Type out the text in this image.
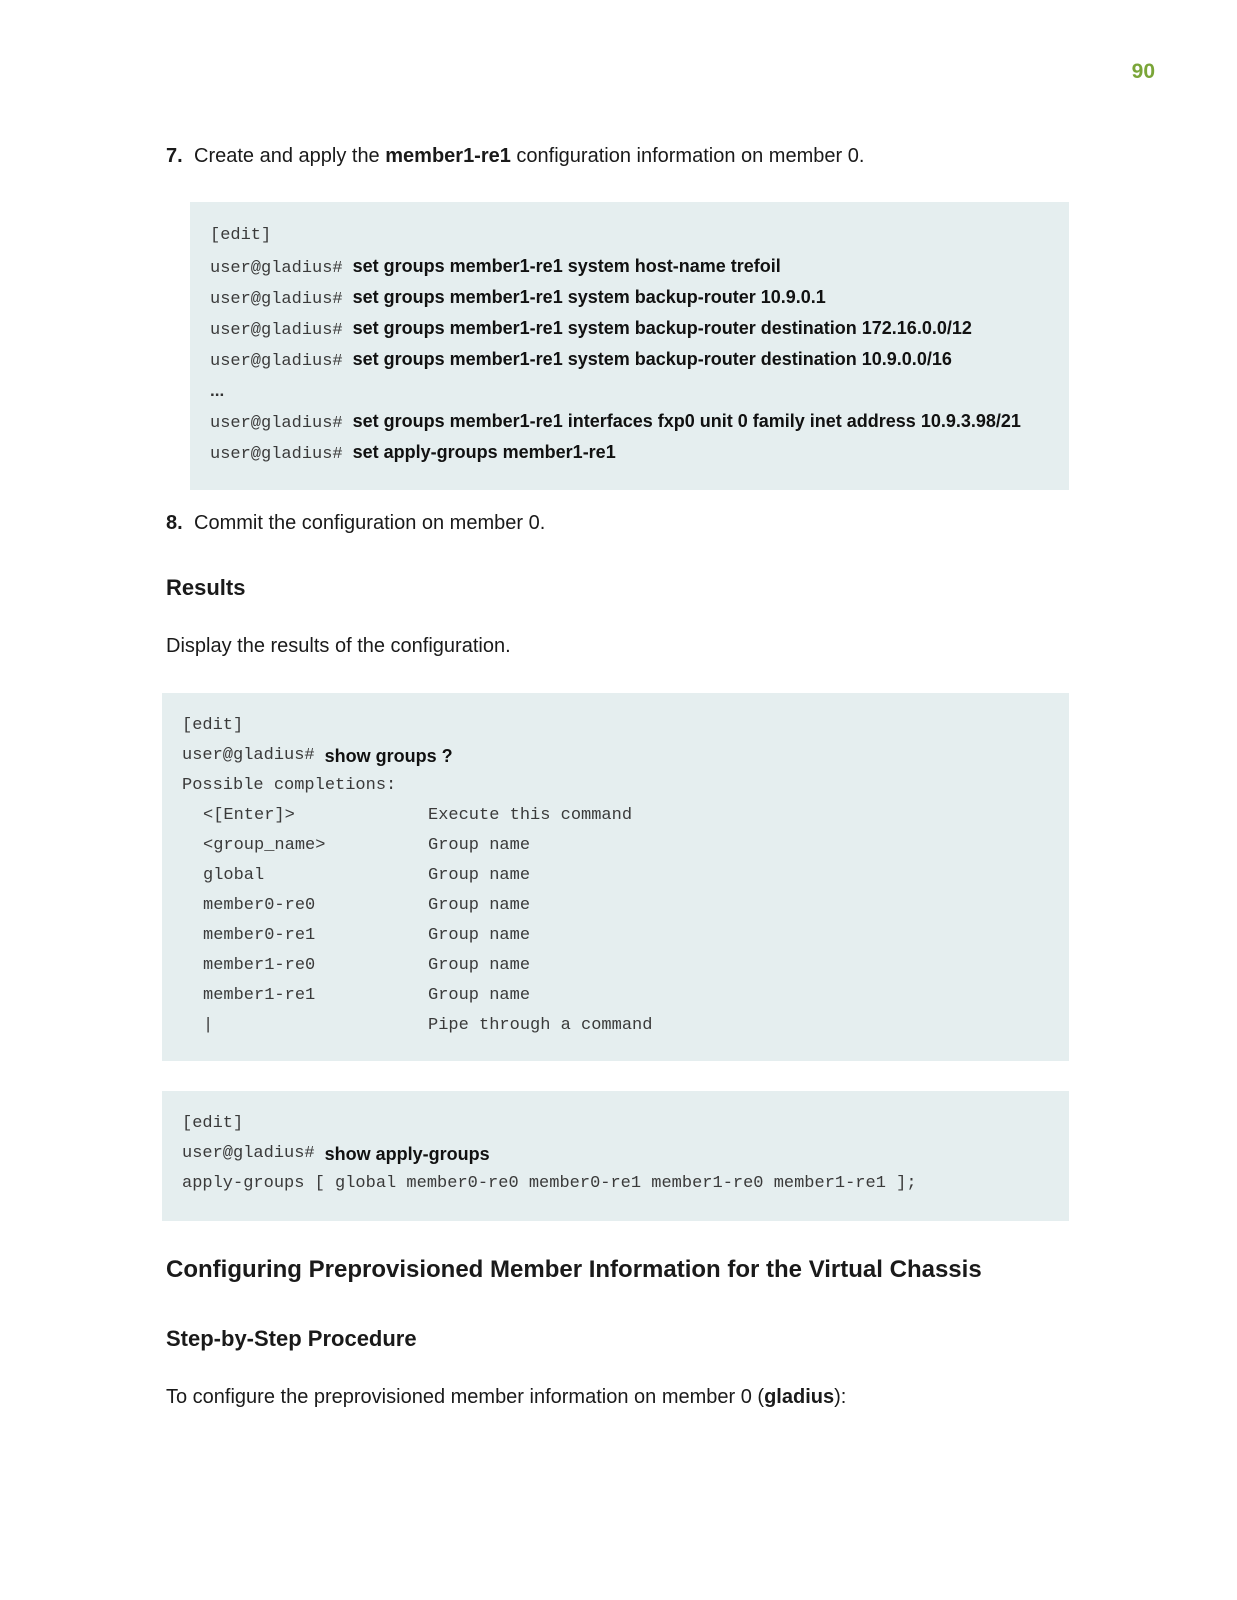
90
7. Create and apply the member1-re1 configuration information on member 0.
[edit]
user@gladius# set groups member1-re1 system host-name trefoil
user@gladius# set groups member1-re1 system backup-router 10.9.0.1
user@gladius# set groups member1-re1 system backup-router destination 172.16.0.0/12
user@gladius# set groups member1-re1 system backup-router destination 10.9.0.0/16
...
user@gladius# set groups member1-re1 interfaces fxp0 unit 0 family inet address 10.9.3.98/21
user@gladius# set apply-groups member1-re1
8. Commit the configuration on member 0.
Results
Display the results of the configuration.
[edit]
user@gladius# show groups ?
Possible completions:
<[Enter]>	Execute this command
<group_name>	Group name
global	Group name
member0-re0	Group name
member0-re1	Group name
member1-re0	Group name
member1-re1	Group name
|	Pipe through a command
[edit]
user@gladius# show apply-groups
apply-groups [ global member0-re0 member0-re1 member1-re0 member1-re1 ];
Configuring Preprovisioned Member Information for the Virtual Chassis
Step-by-Step Procedure
To configure the preprovisioned member information on member 0 (gladius):
